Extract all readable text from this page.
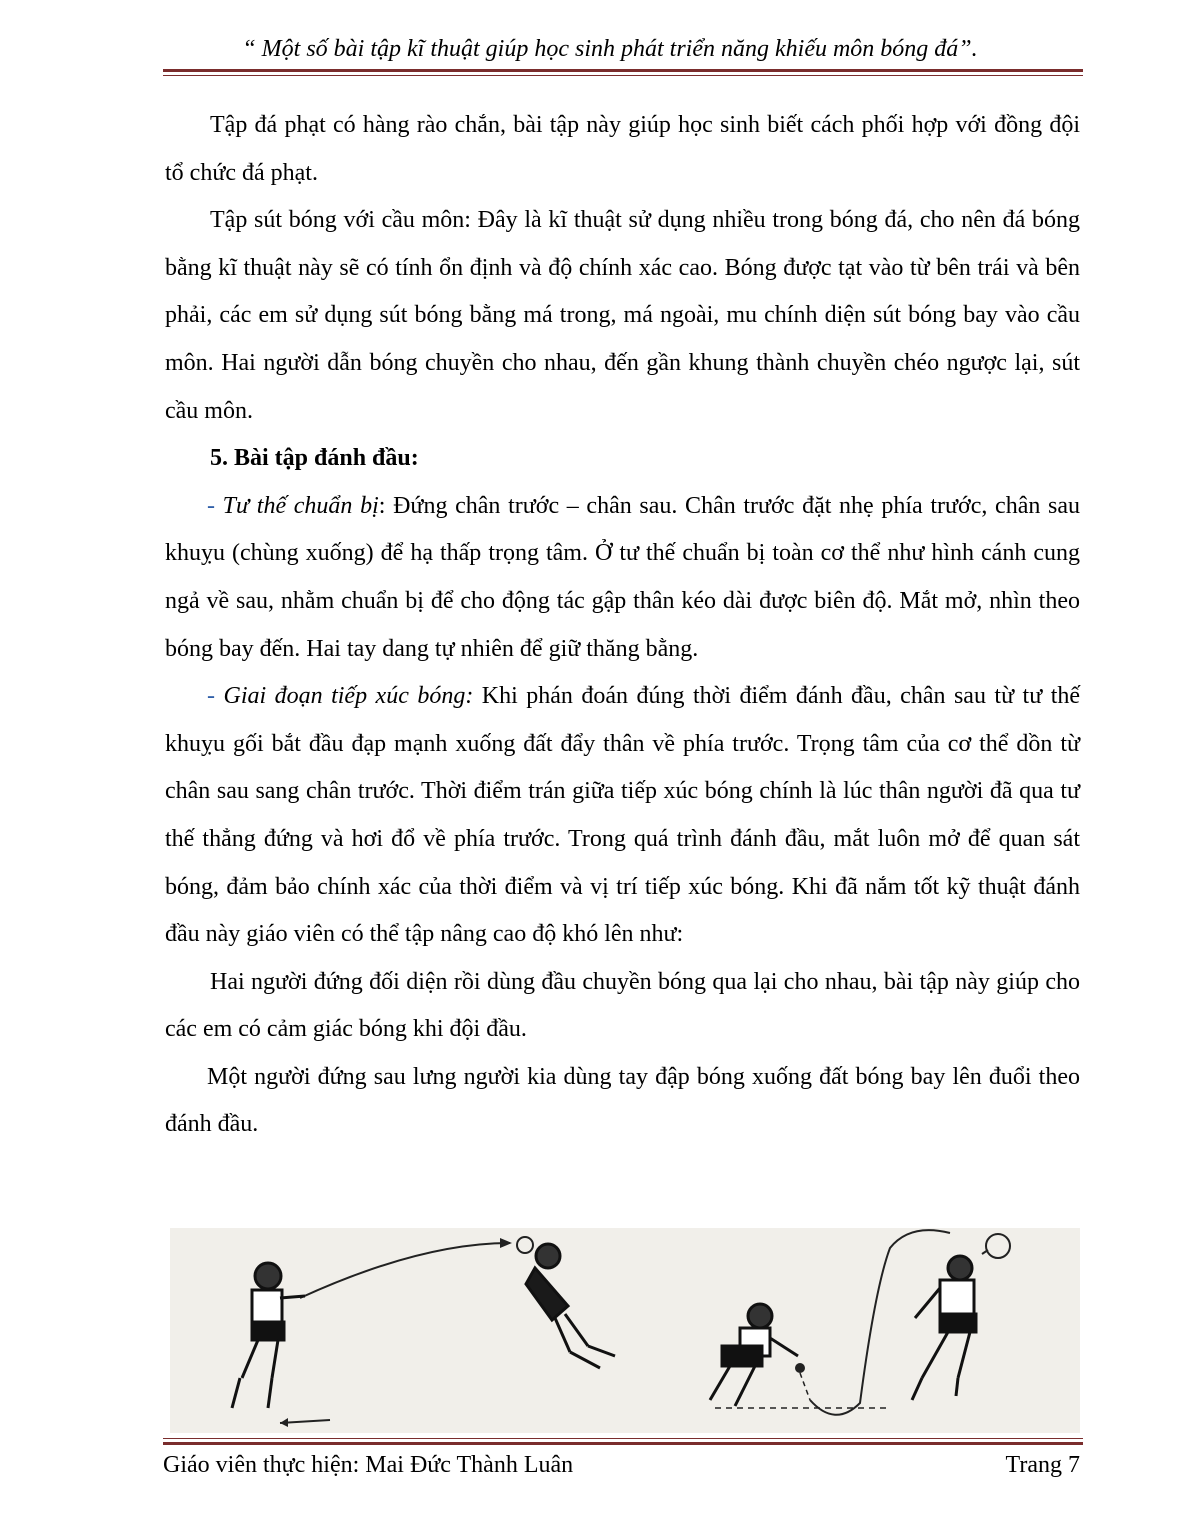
“ Một số bài tập kĩ thuật giúp học sinh phát triển năng khiếu môn bóng đá”.

Tập đá phạt có hàng rào chắn, bài tập này giúp học sinh biết cách phối hợp với đồng đội tổ chức đá phạt.

Tập sút bóng với cầu môn: Đây là kĩ thuật sử dụng nhiều trong bóng đá, cho nên đá bóng bằng kĩ thuật này sẽ có tính ổn định và độ chính xác cao. Bóng được tạt vào từ bên trái và bên phải, các em sử dụng sút bóng bằng má trong, má ngoài, mu chính diện sút bóng bay vào cầu môn. Hai người dẫn bóng chuyền cho nhau, đến gần khung thành chuyền chéo ngược lại, sút cầu môn.

5. Bài tập đánh đầu:

- Tư thế chuẩn bị: Đứng chân trước – chân sau. Chân trước đặt nhẹ phía trước, chân sau khuỵu (chùng xuống) để hạ thấp trọng tâm. Ở tư thế chuẩn bị toàn cơ thể như hình cánh cung ngả về sau, nhằm chuẩn bị để cho động tác gập thân kéo dài được biên độ. Mắt mở, nhìn theo bóng bay đến. Hai tay dang tự nhiên để giữ thăng bằng.

- Giai đoạn tiếp xúc bóng: Khi phán đoán đúng thời điểm đánh đầu, chân sau từ tư thế khuỵu gối bắt đầu đạp mạnh xuống đất đẩy thân về phía trước. Trọng tâm của cơ thể dồn từ chân sau sang chân trước. Thời điểm trán giữa tiếp xúc bóng chính là lúc thân người đã qua tư thế thẳng đứng và hơi đổ về phía trước. Trong quá trình đánh đầu, mắt luôn mở để quan sát bóng, đảm bảo chính xác của thời điểm và vị trí tiếp xúc bóng. Khi đã nắm tốt kỹ thuật đánh đầu này giáo viên có thể tập nâng cao độ khó lên như:

Hai người đứng đối diện rồi dùng đầu chuyền bóng qua lại cho nhau, bài tập này giúp cho các em có cảm giác bóng khi đội đầu.

Một người đứng sau lưng người kia dùng tay đập bóng xuống đất bóng bay lên đuổi theo đánh đầu.

Giáo viên thực hiện: Mai Đức Thành Luân	Trang 7
